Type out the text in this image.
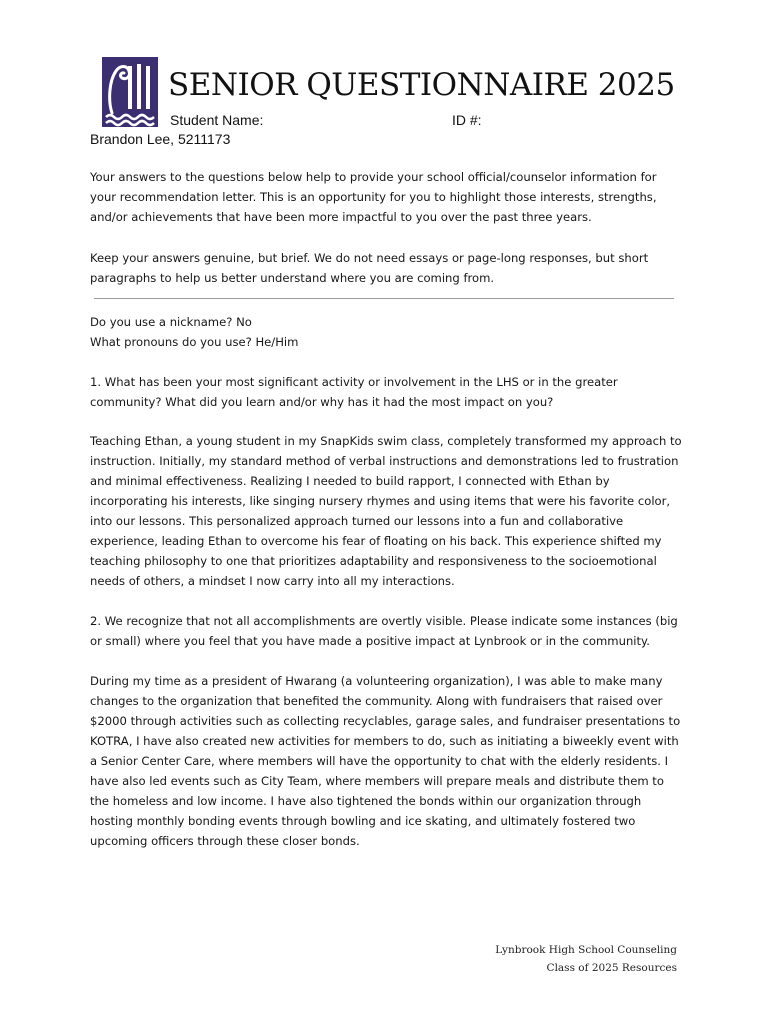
SENIOR QUESTIONNAIRE 2025
Student Name:	ID #:
Brandon Lee, 5211173

Your answers to the questions below help to provide your school official/counselor information for your recommendation letter. This is an opportunity for you to highlight those interests, strengths, and/or achievements that have been more impactful to you over the past three years.

Keep your answers genuine, but brief. We do not need essays or page-long responses, but short paragraphs to help us better understand where you are coming from.

Do you use a nickname? No

What pronouns do you use? He/Him

1. What has been your most significant activity or involvement in the LHS or in the greater community? What did you learn and/or why has it had the most impact on you?

Teaching Ethan, a young student in my SnapKids swim class, completely transformed my approach to instruction. Initially, my standard method of verbal instructions and demonstrations led to frustration and minimal effectiveness. Realizing I needed to build rapport, I connected with Ethan by incorporating his interests, like singing nursery rhymes and using items that were his favorite color, into our lessons. This personalized approach turned our lessons into a fun and collaborative experience, leading Ethan to overcome his fear of floating on his back. This experience shifted my teaching philosophy to one that prioritizes adaptability and responsiveness to the socioemotional needs of others, a mindset I now carry into all my interactions.

2. We recognize that not all accomplishments are overtly visible. Please indicate some instances (big or small) where you feel that you have made a positive impact at Lynbrook or in the community.

During my time as a president of Hwarang (a volunteering organization), I was able to make many changes to the organization that benefited the community. Along with fundraisers that raised over $2000 through activities such as collecting recyclables, garage sales, and fundraiser presentations to KOTRA, I have also created new activities for members to do, such as initiating a biweekly event with a Senior Center Care, where members will have the opportunity to chat with the elderly residents. I have also led events such as City Team, where members will prepare meals and distribute them to the homeless and low income. I have also tightened the bonds within our organization through hosting monthly bonding events through bowling and ice skating, and ultimately fostered two upcoming officers through these closer bonds.

Lynbrook High School Counseling
Class of 2025 Resources
